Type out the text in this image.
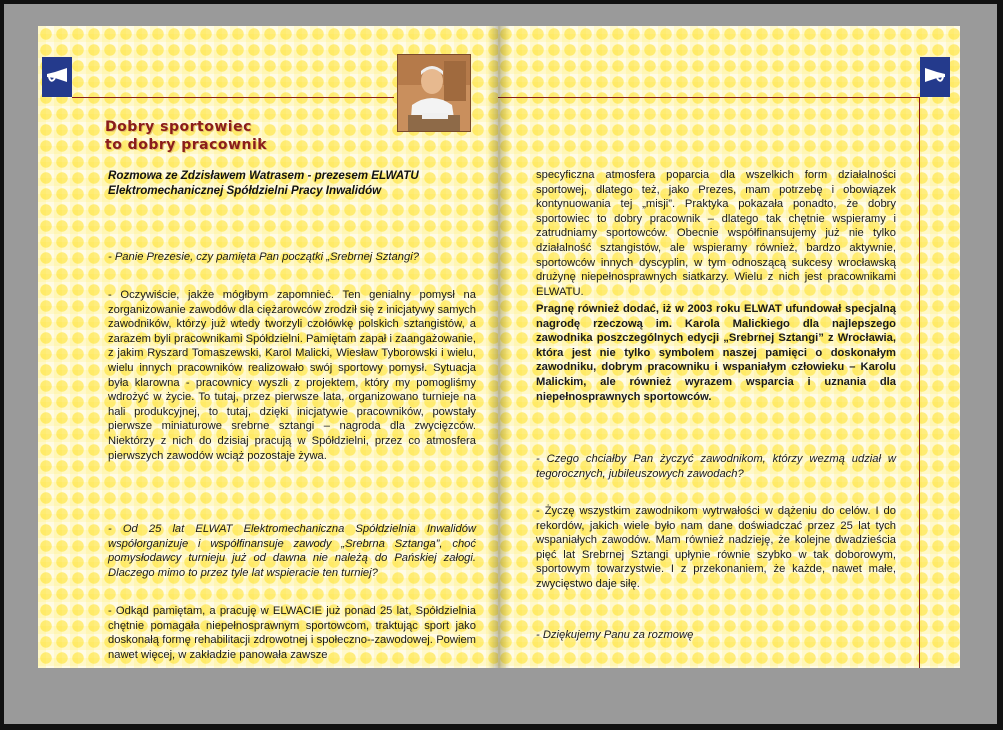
Dobry sportowiec
to dobry pracownik

Rozmowa ze Zdzisławem Watrasem - prezesem ELWATU Elektromechanicznej Spółdzielni Pracy Inwalidów

- Panie Prezesie, czy pamięta Pan początki „Srebrnej Sztangi?

- Oczywiście, jakże mógłbym zapomnieć. Ten genialny pomysł na zorganizowanie zawodów dla ciężarowców zrodził się z inicjatywy samych zawodników, którzy już wtedy tworzyli czołówkę polskich sztangistów, a zarazem byli pracownikami Spółdzielni. Pamiętam zapał i zaangażowanie, z jakim Ryszard Tomaszewski, Karol Malicki, Wiesław Tyborowski i wielu, wielu innych pracowników realizowało swój sportowy pomysł. Sytuacja była klarowna - pracownicy wyszli z projektem, który my pomogliśmy wdrożyć w życie. To tutaj, przez pierwsze lata, organizowano turnieje na hali produkcyjnej, to tutaj, dzięki inicjatywie pracowników, powstały pierwsze miniaturowe srebrne sztangi – nagroda dla zwycięzców. Niektórzy z nich do dzisiaj pracują w Spółdzielni, przez co atmosfera pierwszych zawodów wciąż pozostaje żywa.

- Od 25 lat ELWAT Elektromechaniczna Spółdzielnia Inwalidów współorganizuje i współfinansuje zawody „Srebrna Sztanga”, choć pomysłodawcy turnieju już od dawna nie należą do Pańskiej załogi. Dlaczego mimo to przez tyle lat wspieracie ten turniej?

- Odkąd pamiętam, a pracuję w ELWACIE już ponad 25 lat, Spółdzielnia chętnie pomagała niepełnosprawnym sportowcom, traktując sport jako doskonałą formę rehabilitacji zdrowotnej i społeczno--zawodowej. Powiem nawet więcej, w zakładzie panowała zawsze

specyficzna atmosfera poparcia dla wszelkich form działalności sportowej, dlatego też, jako Prezes, mam potrzebę i obowiązek kontynuowania tej „misji”. Praktyka pokazała ponadto, że dobry sportowiec to dobry pracownik – dlatego tak chętnie wspieramy i zatrudniamy sportowców. Obecnie współfinansujemy już nie tylko działalność sztangistów, ale wspieramy również, bardzo aktywnie, sportowców innych dyscyplin, w tym odnoszącą sukcesy wrocławską drużynę niepełnosprawnych siatkarzy. Wielu z nich jest pracownikami ELWATU.

Pragnę również dodać, iż w 2003 roku ELWAT ufundował specjalną nagrodę rzeczową im. Karola Malickiego dla najlepszego zawodnika poszczególnych edycji „Srebrnej Sztangi” z Wrocławia, która jest nie tylko symbolem naszej pamięci o doskonałym zawodniku, dobrym pracowniku i wspaniałym człowieku – Karolu Malickim, ale również wyrazem wsparcia i uznania dla niepełnosprawnych sportowców.

- Czego chciałby Pan życzyć zawodnikom, którzy wezmą udział w tegorocznych, jubileuszowych zawodach?

- Życzę wszystkim zawodnikom wytrwałości w dążeniu do celów. I do rekordów, jakich wiele było nam dane doświadczać przez 25 lat tych wspaniałych zawodów. Mam również nadzieję, że kolejne dwadzieścia pięć lat Srebrnej Sztangi upłynie równie szybko w tak doborowym, sportowym towarzystwie. I z przekonaniem, że każde, nawet małe, zwycięstwo daje siłę.

- Dziękujemy Panu za rozmowę
